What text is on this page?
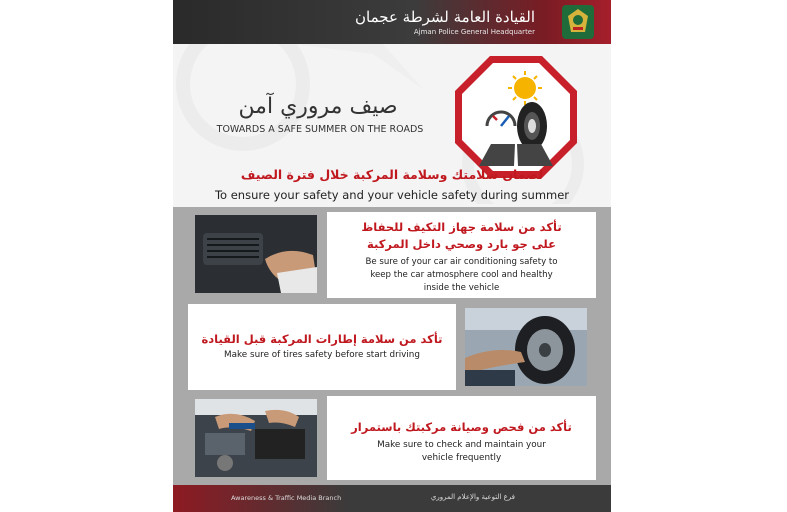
القيادة العامة لشرطة عجمان
Ajman Police General Headquarter
صيف مروري آمن
TOWARDS A SAFE SUMMER ON THE ROADS
لضمان سلامتك وسلامة المركبة خلال فترة الصيف
To ensure your safety and your vehicle safety during summer
تأكد من سلامة جهاز التكيف للحفاظ
على جو بارد وصحي داخل المركبة
Be sure of your car air conditioning safety to
keep the car atmosphere cool and healthy
inside the vehicle
تأكد من سلامة إطارات المركبة قبل القيادة
Make sure of tires safety before start driving
تأكد من فحص وصيانة مركبتك باستمرار
Make sure to check and maintain your
vehicle frequently
Awareness & Traffic Media Branch	فرع التوعية والإعلام المروري
